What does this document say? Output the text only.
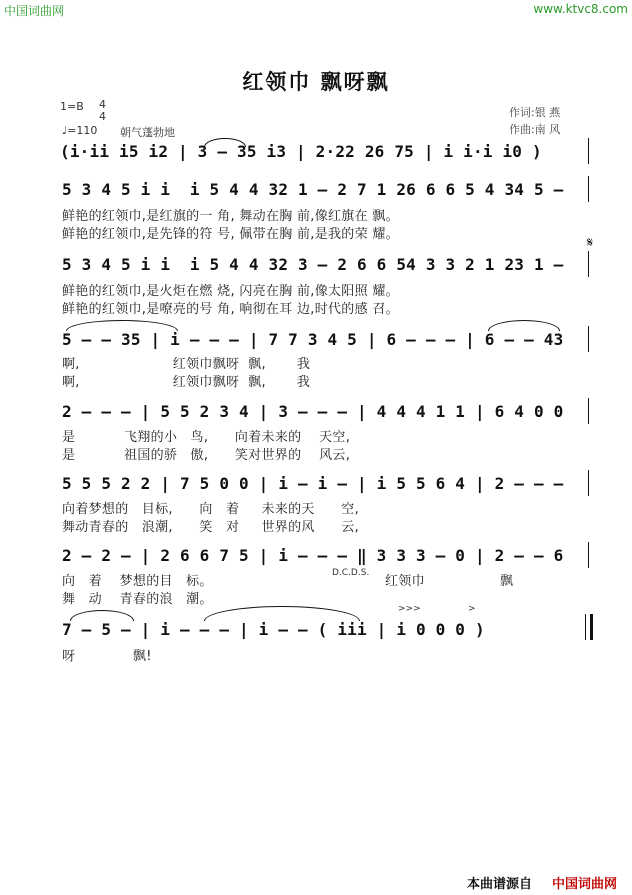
中国词曲网	www.ktvc8.com
红领巾 飘呀飘
1=B 4
4
♩=110 朝气蓬勃地
作词:银 燕
作曲:南 风
(i·ii i5 i2 | 3 — 35 i3 | 2·22 26 75 | i i·i i0 )
5 3 4 5 i i  i 5 4 4 32 1 — 2 7 1 26 6 6 5 4 34 5 —
鲜艳的红领巾,是红旗的一 角, 舞动在胸 前,像红旗在 飘。
鲜艳的红领巾,是先锋的符 号, 佩带在胸 前,是我的荣 耀。
𝄋
5 3 4 5 i i  i 5 4 4 32 3 — 2 6 6 54 3 3 2 1 23 1 —
鲜艳的红领巾,是火炬在燃 烧, 闪亮在胸 前,像太阳照 耀。
鲜艳的红领巾,是嘹亮的号 角, 响彻在耳 边,时代的感 召。
5 — — 35 | i — — — | 7 7 3 4 5 | 6 — — — | 6 — — 43
啊,                     红领巾飘呀  飘,       我
啊,                     红领巾飘呀  飘,       我
2 — — — | 5 5 2 3 4 | 3 — — — | 4 4 4 1 1 | 6 4 0 0
是           飞翔的小   鸟,      向着未来的    天空,
是           祖国的骄   傲,      笑对世界的    风云,
5 5 5 2 2 | 7 5 0 0 | i — i — | i 5 5 6 4 | 2 — — —
向着梦想的   目标,      向   着     未来的天      空,
舞动青春的   浪潮,      笑   对     世界的风      云,
2 — 2 — | 2 6 6 7 5 | i — — — ‖ 3 3 3 — 0 | 2 — — 6
向   着    梦想的目   标。
舞   动    青春的浪   潮。
D.C.D.S.
红领巾	飘
>>>	>
7 — 5 — | i — — — | i — — ( iii | i 0 0 0 )
呀             飘!
本曲谱源自 中国词曲网
